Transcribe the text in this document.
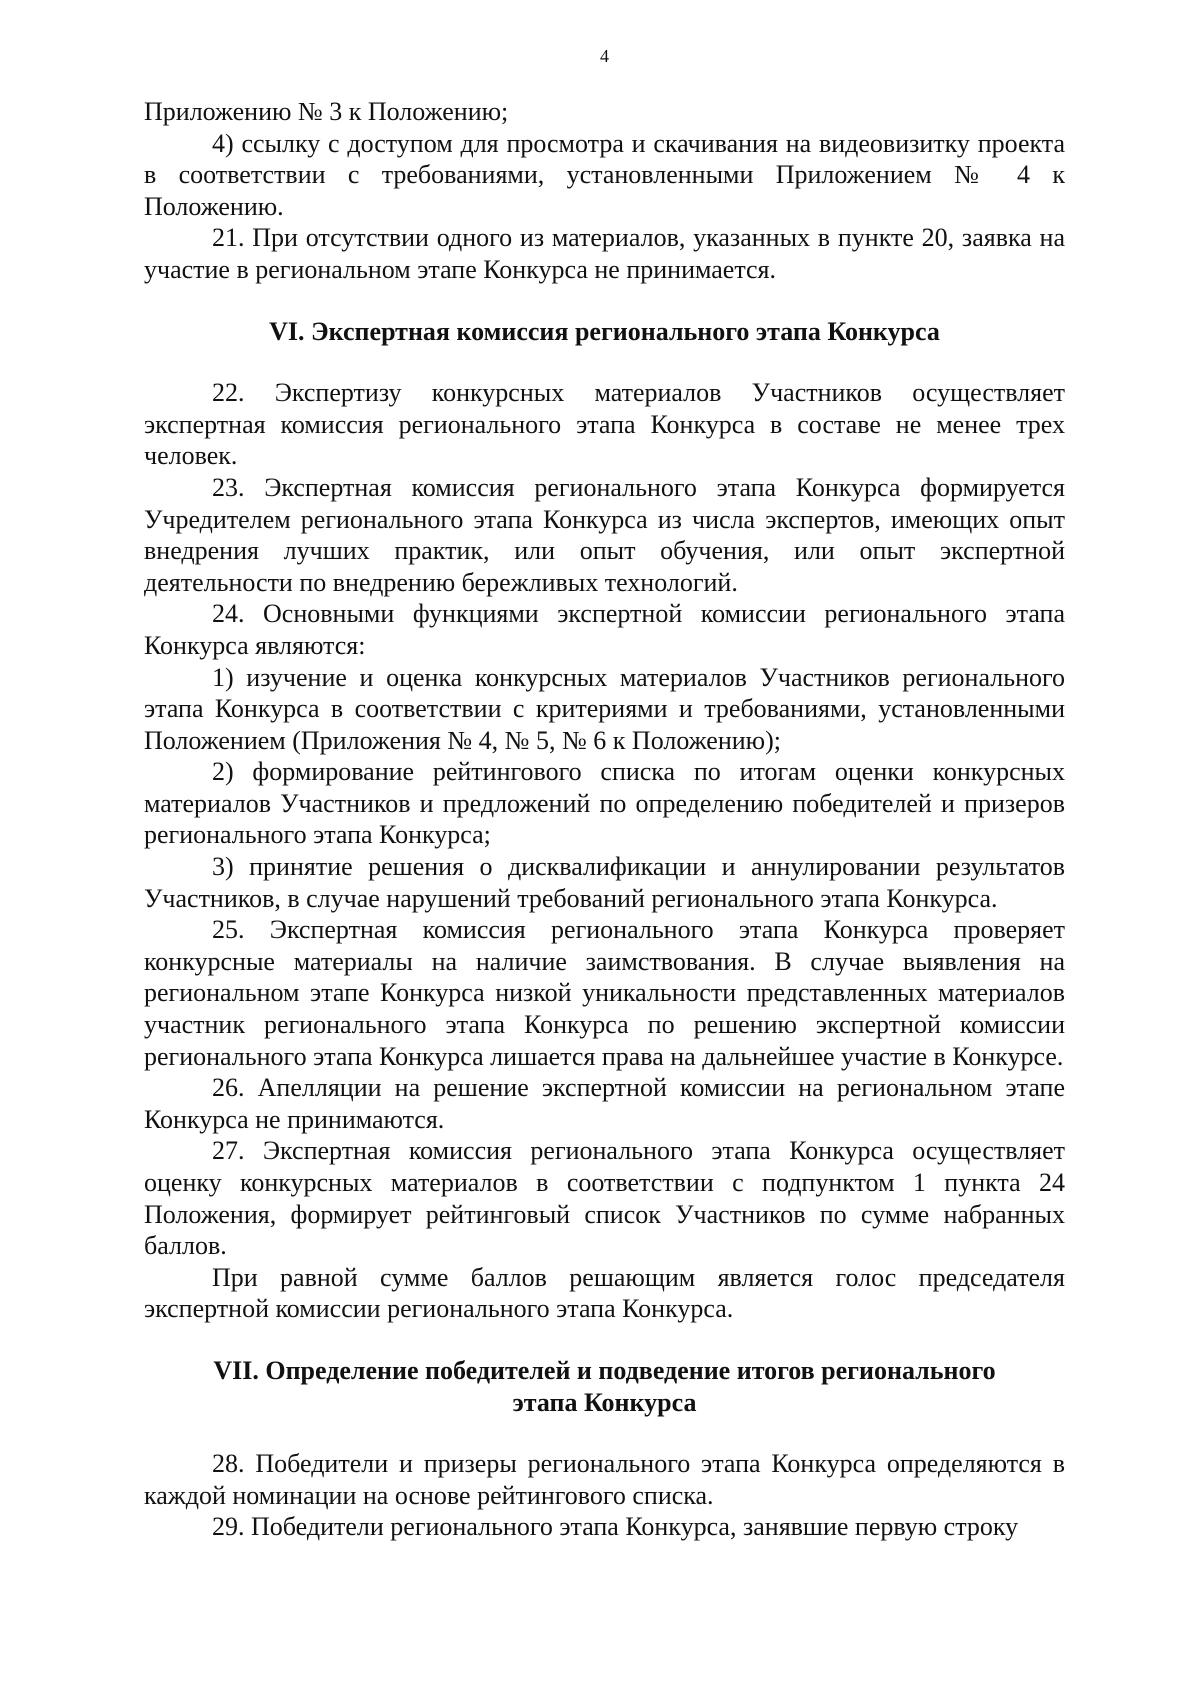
4

Приложению № 3 к Положению;

4) ссылку с доступом для просмотра и скачивания на видеовизитку проекта в соответствии с требованиями, установленными Приложением № 4 к Положению.

21. При отсутствии одного из материалов, указанных в пункте 20, заявка на участие в региональном этапе Конкурса не принимается.

VI. Экспертная комиссия регионального этапа Конкурса

22. Экспертизу конкурсных материалов Участников осуществляет экспертная комиссия регионального этапа Конкурса в составе не менее трех человек.

23. Экспертная комиссия регионального этапа Конкурса формируется Учредителем регионального этапа Конкурса из числа экспертов, имеющих опыт внедрения лучших практик, или опыт обучения, или опыт экспертной деятельности по внедрению бережливых технологий.

24. Основными функциями экспертной комиссии регионального этапа Конкурса являются:

1) изучение и оценка конкурсных материалов Участников регионального этапа Конкурса в соответствии с критериями и требованиями, установленными Положением (Приложения № 4, № 5, № 6 к Положению);

2) формирование рейтингового списка по итогам оценки конкурсных материалов Участников и предложений по определению победителей и призеров регионального этапа Конкурса;

3) принятие решения о дисквалификации и аннулировании результатов Участников, в случае нарушений требований регионального этапа Конкурса.

25. Экспертная комиссия регионального этапа Конкурса проверяет конкурсные материалы на наличие заимствования. В случае выявления на региональном этапе Конкурса низкой уникальности представленных материалов участник регионального этапа Конкурса по решению экспертной комиссии регионального этапа Конкурса лишается права на дальнейшее участие в Конкурсе.

26. Апелляции на решение экспертной комиссии на региональном этапе Конкурса не принимаются.

27. Экспертная комиссия регионального этапа Конкурса осуществляет оценку конкурсных материалов в соответствии с подпунктом 1 пункта 24 Положения, формирует рейтинговый список Участников по сумме набранных баллов.

При равной сумме баллов решающим является голос председателя экспертной комиссии регионального этапа Конкурса.

VII. Определение победителей и подведение итогов регионального этапа Конкурса

28. Победители и призеры регионального этапа Конкурса определяются в каждой номинации на основе рейтингового списка.

29. Победители регионального этапа Конкурса, занявшие первую строку
